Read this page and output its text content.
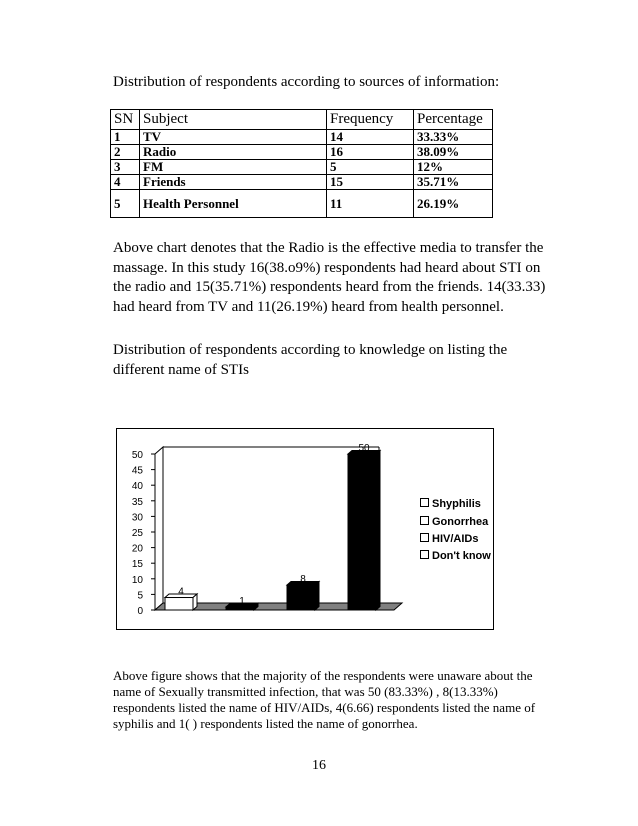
Distribution of respondents according to sources of information:
SN	Subject	Frequency	Percentage
1	TV	14	33.33%
2	Radio	16	38.09%
3	FM	5	12%
4	Friends	15	35.71%
5	Health Personnel	11	26.19%
Above chart denotes that the Radio is the effective media to transfer the massage. In this study 16(38.o9%) respondents had heard about STI on the radio and 15(35.71%) respondents heard from the friends. 14(33.33) had heard from TV and 11(26.19%) heard from health personnel.
Distribution of respondents according to knowledge on listing the different name of STIs
0
5
10
15
20
25
30
35
40
45
50
4
1
8
50
Shyphilis
Gonorrhea
HIV/AIDs
Don't know
Above figure shows that the majority of the respondents were unaware about the name of Sexually transmitted infection, that was 50 (83.33%) , 8(13.33%) respondents listed the name of HIV/AIDs, 4(6.66) respondents listed the name of syphilis and 1( ) respondents listed the name of gonorrhea.
16
